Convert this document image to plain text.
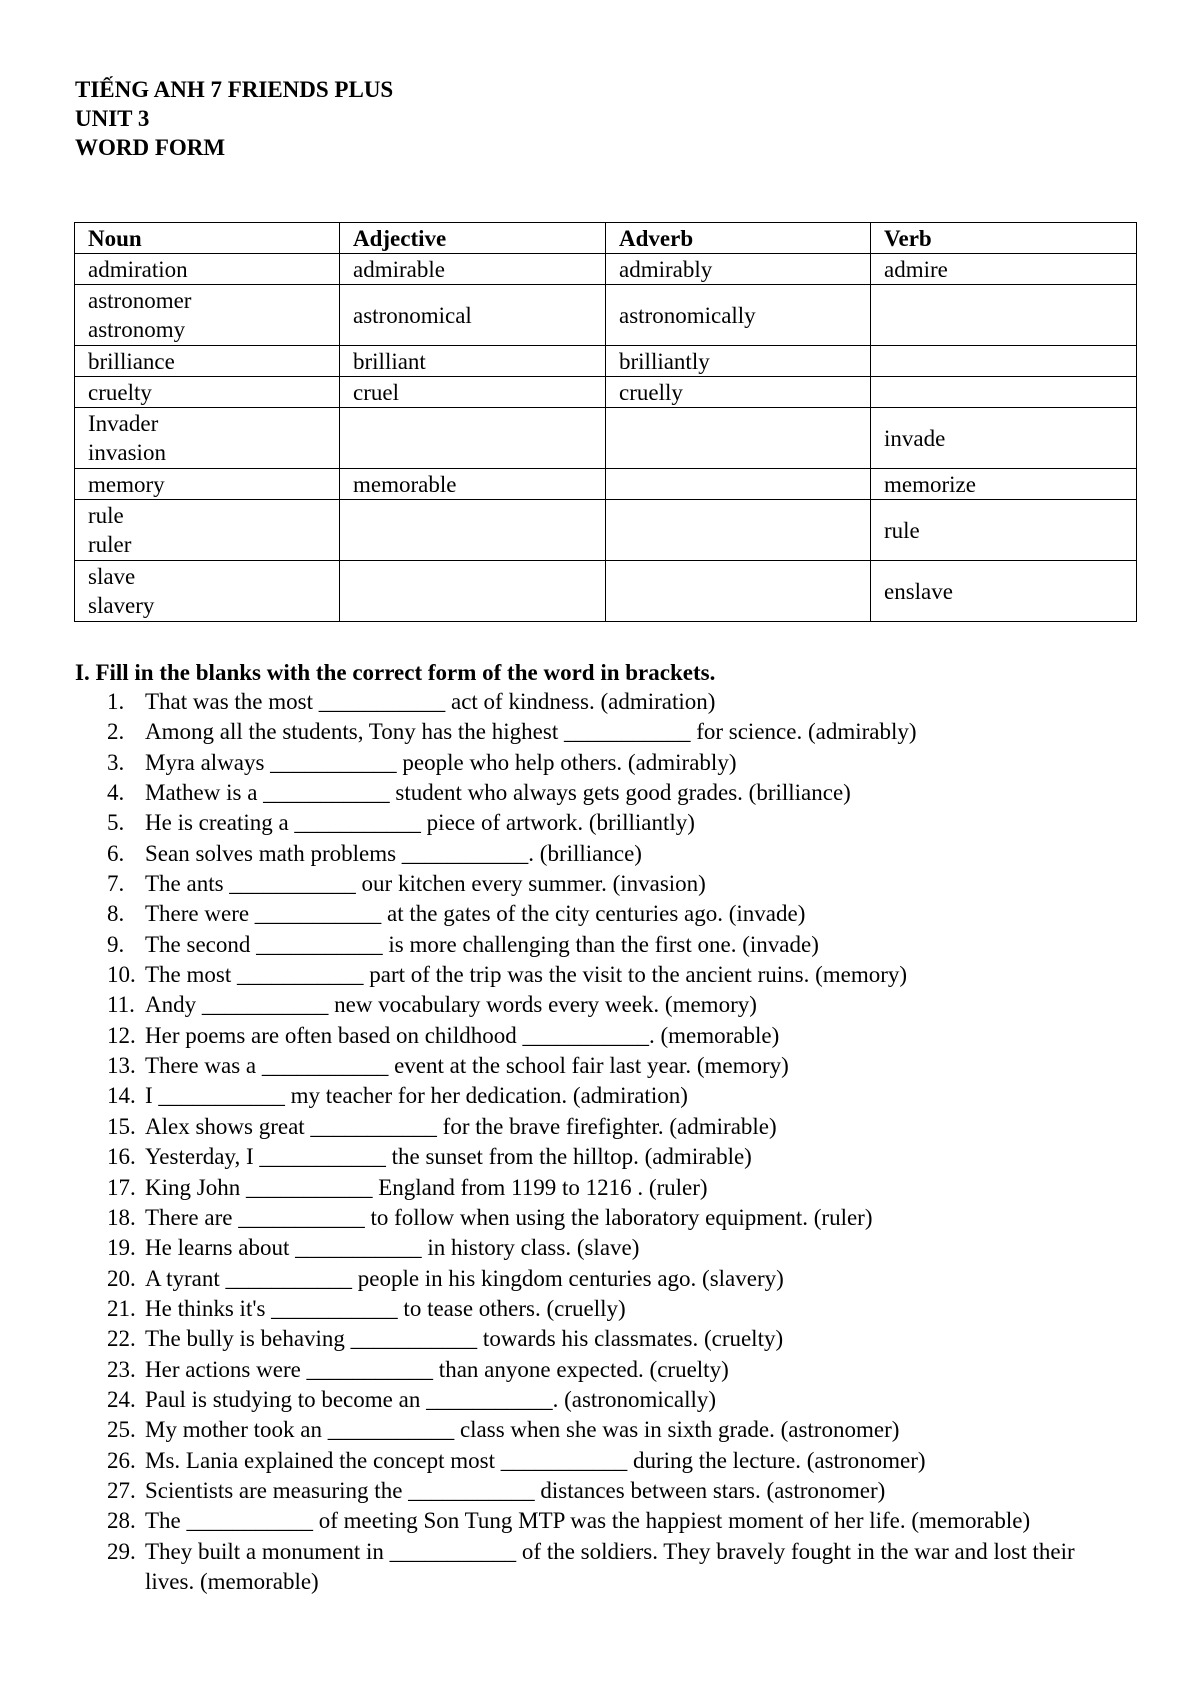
TIẾNG ANH 7 FRIENDS PLUS
UNIT 3
WORD FORM
Noun	Adjective	Adverb	Verb

admiration	admirable	admirably	admire

astronomer
astronomy	astronomical	astronomically	

brilliance	brilliant	brilliantly	

cruelty	cruel	cruelly	

Invader
invasion			invade

memory	memorable		memorize

rule
ruler			rule

slave
slavery			enslave
I. Fill in the blanks with the correct form of the word in brackets.
1. That was the most ___________ act of kindness. (admiration)
2. Among all the students, Tony has the highest ___________ for science. (admirably)
3. Myra always ___________ people who help others. (admirably)
4. Mathew is a ___________ student who always gets good grades. (brilliance)
5. He is creating a ___________ piece of artwork. (brilliantly)
6. Sean solves math problems ___________. (brilliance)
7. The ants ___________ our kitchen every summer. (invasion)
8. There were ___________ at the gates of the city centuries ago. (invade)
9. The second ___________ is more challenging than the first one. (invade)
10. The most ___________ part of the trip was the visit to the ancient ruins. (memory)
11. Andy ___________ new vocabulary words every week. (memory)
12. Her poems are often based on childhood ___________. (memorable)
13. There was a ___________ event at the school fair last year. (memory)
14. I ___________ my teacher for her dedication. (admiration)
15. Alex shows great ___________ for the brave firefighter. (admirable)
16. Yesterday, I ___________ the sunset from the hilltop. (admirable)
17. King John ___________ England from 1199 to 1216 . (ruler)
18. There are ___________ to follow when using the laboratory equipment. (ruler)
19. He learns about ___________ in history class. (slave)
20. A tyrant ___________ people in his kingdom centuries ago. (slavery)
21. He thinks it's ___________ to tease others. (cruelly)
22. The bully is behaving ___________ towards his classmates. (cruelty)
23. Her actions were ___________ than anyone expected. (cruelty)
24. Paul is studying to become an ___________. (astronomically)
25. My mother took an ___________ class when she was in sixth grade. (astronomer)
26. Ms. Lania explained the concept most ___________ during the lecture. (astronomer)
27. Scientists are measuring the ___________ distances between stars. (astronomer)
28. The ___________ of meeting Son Tung MTP was the happiest moment of her life. (memorable)
29. They built a monument in ___________ of the soldiers. They bravely fought in the war and lost their lives. (memorable)
